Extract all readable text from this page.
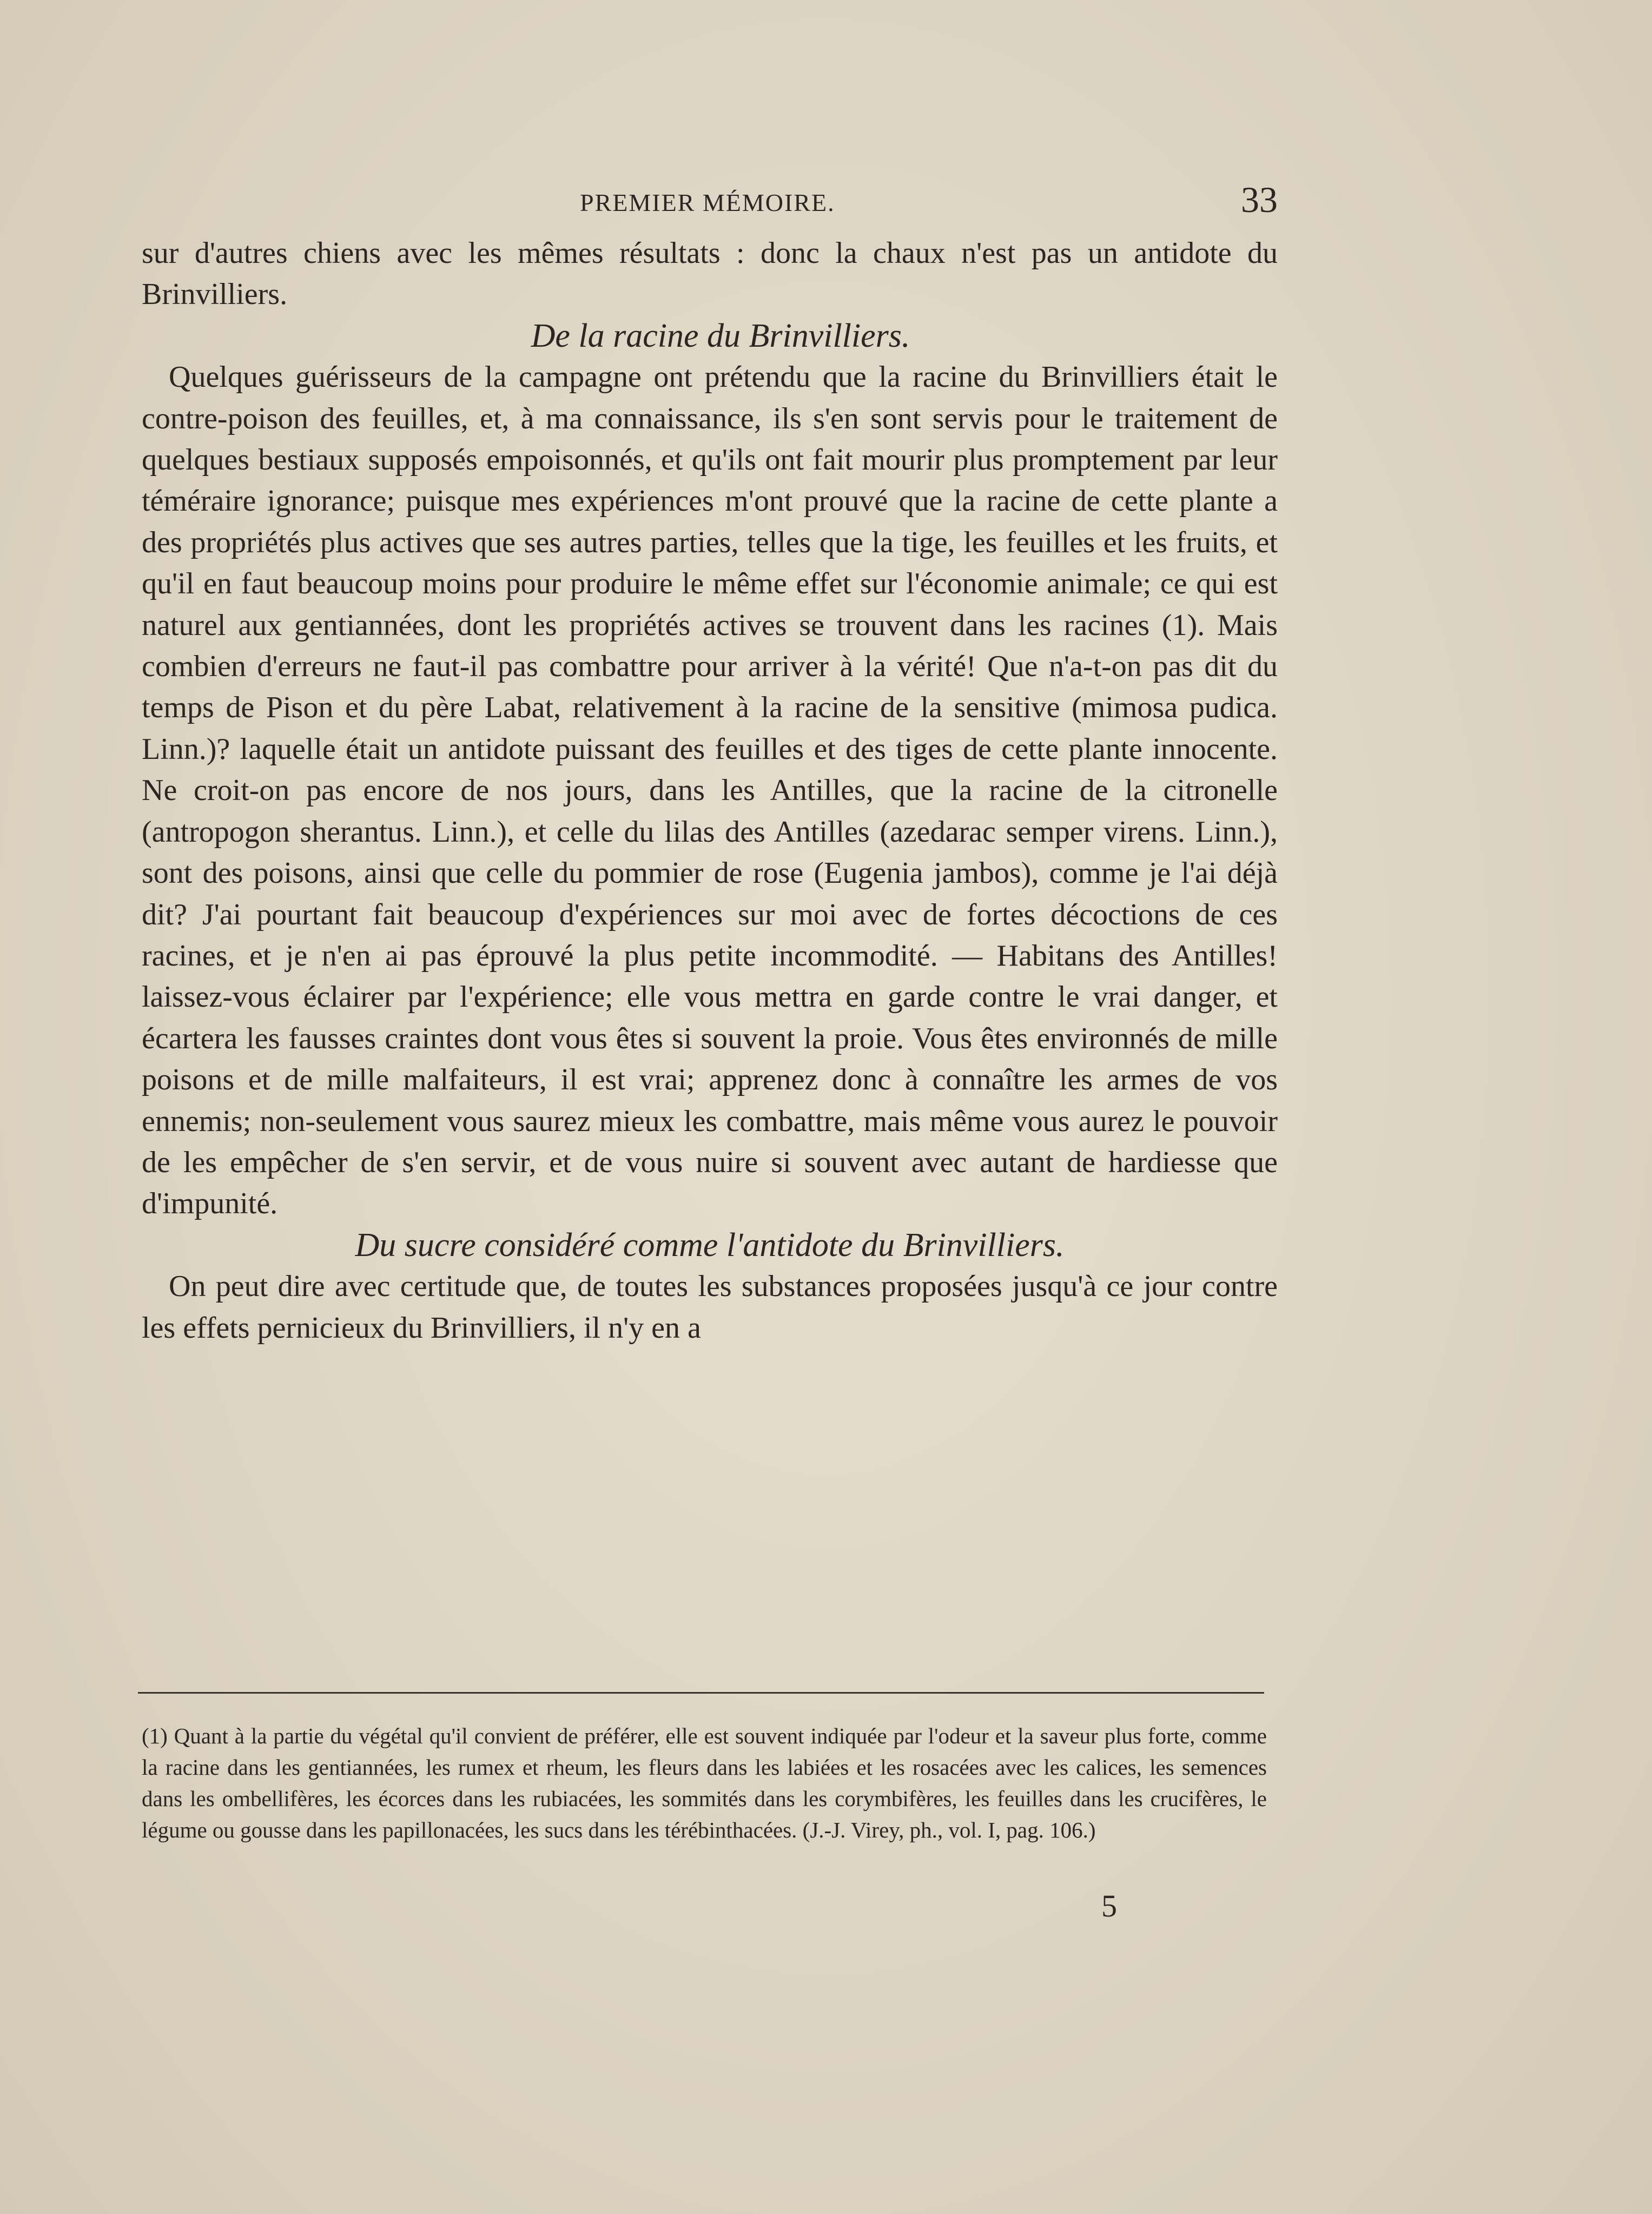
PREMIER MÉMOIRE.	33

sur d'autres chiens avec les mêmes résultats : donc la chaux n'est pas un antidote du Brinvilliers.

De la racine du Brinvilliers.

Quelques guérisseurs de la campagne ont prétendu que la racine du Brinvilliers était le contre-poison des feuilles, et, à ma connaissance, ils s'en sont servis pour le traitement de quelques bestiaux supposés empoisonnés, et qu'ils ont fait mourir plus promptement par leur téméraire ignorance; puisque mes expériences m'ont prouvé que la racine de cette plante a des propriétés plus actives que ses autres parties, telles que la tige, les feuilles et les fruits, et qu'il en faut beaucoup moins pour produire le même effet sur l'économie animale; ce qui est naturel aux gentiannées, dont les propriétés actives se trouvent dans les racines (1). Mais combien d'erreurs ne faut-il pas combattre pour arriver à la vérité! Que n'a-t-on pas dit du temps de Pison et du père Labat, relativement à la racine de la sensitive (mimosa pudica. Linn.)? laquelle était un antidote puissant des feuilles et des tiges de cette plante innocente. Ne croit-on pas encore de nos jours, dans les Antilles, que la racine de la citronelle (antropogon sherantus. Linn.), et celle du lilas des Antilles (azedarac semper virens. Linn.), sont des poisons, ainsi que celle du pommier de rose (Eugenia jambos), comme je l'ai déjà dit? J'ai pourtant fait beaucoup d'expériences sur moi avec de fortes décoctions de ces racines, et je n'en ai pas éprouvé la plus petite incommodité. — Habitans des Antilles! laissez-vous éclairer par l'expérience; elle vous mettra en garde contre le vrai danger, et écartera les fausses craintes dont vous êtes si souvent la proie. Vous êtes environnés de mille poisons et de mille malfaiteurs, il est vrai; apprenez donc à connaître les armes de vos ennemis; non-seulement vous saurez mieux les combattre, mais même vous aurez le pouvoir de les empêcher de s'en servir, et de vous nuire si souvent avec autant de hardiesse que d'impunité.

Du sucre considéré comme l'antidote du Brinvilliers.

On peut dire avec certitude que, de toutes les substances proposées jusqu'à ce jour contre les effets pernicieux du Brinvilliers, il n'y en a

(1) Quant à la partie du végétal qu'il convient de préférer, elle est souvent indiquée par l'odeur et la saveur plus forte, comme la racine dans les gentiannées, les rumex et rheum, les fleurs dans les labiées et les rosacées avec les calices, les semences dans les ombellifères, les écorces dans les rubiacées, les sommités dans les corymbifères, les feuilles dans les crucifères, le légume ou gousse dans les papillonacées, les sucs dans les térébinthacées. (J.-J. Virey, ph., vol. I, pag. 106.)
5
